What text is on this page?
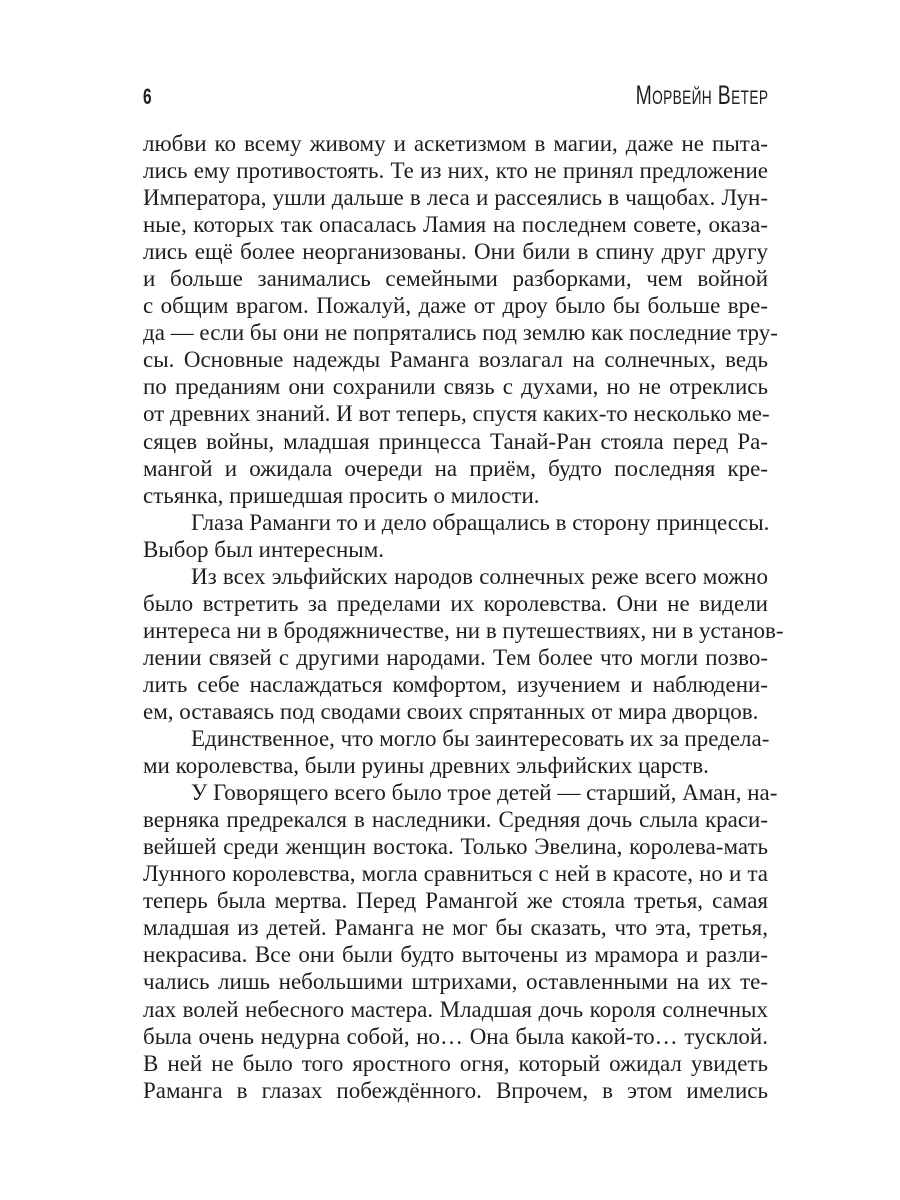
6	Морвейн Ветер
любви ко всему живому и аскетизмом в магии, даже не пыта-
лись ему противостоять. Те из них, кто не принял предложение
Императора, ушли дальше в леса и рассеялись в чащобах. Лун-
ные, которых так опасалась Ламия на последнем совете, оказа-
лись ещё более неорганизованы. Они били в спину друг другу
и больше занимались семейными разборками, чем войной
с общим врагом. Пожалуй, даже от дроу было бы больше вре-
да — если бы они не попрятались под землю как последние тру-
сы. Основные надежды Раманга возлагал на солнечных, ведь
по преданиям они сохранили связь с духами, но не отреклись
от древних знаний. И вот теперь, спустя каких-то несколько ме-
сяцев войны, младшая принцесса Танай-Ран стояла перед Ра-
мангой и ожидала очереди на приём, будто последняя кре-
стьянка, пришедшая просить о милости.
Глаза Раманги то и дело обращались в сторону принцессы.
Выбор был интересным.
Из всех эльфийских народов солнечных реже всего можно
было встретить за пределами их королевства. Они не видели
интереса ни в бродяжничестве, ни в путешествиях, ни в установ-
лении связей с другими народами. Тем более что могли позво-
лить себе наслаждаться комфортом, изучением и наблюдени-
ем, оставаясь под сводами своих спрятанных от мира дворцов.
Единственное, что могло бы заинтересовать их за предела-
ми королевства, были руины древних эльфийских царств.
У Говорящего всего было трое детей — старший, Аман, на-
верняка предрекался в наследники. Средняя дочь слыла краси-
вейшей среди женщин востока. Только Эвелина, королева-мать
Лунного королевства, могла сравниться с ней в красоте, но и та
теперь была мертва. Перед Рамангой же стояла третья, самая
младшая из детей. Раманга не мог бы сказать, что эта, третья,
некрасива. Все они были будто выточены из мрамора и разли-
чались лишь небольшими штрихами, оставленными на их те-
лах волей небесного мастера. Младшая дочь короля солнечных
была очень недурна собой, но… Она была какой-то… тусклой.
В ней не было того яростного огня, который ожидал увидеть
Раманга в глазах побеждённого. Впрочем, в этом имелись
